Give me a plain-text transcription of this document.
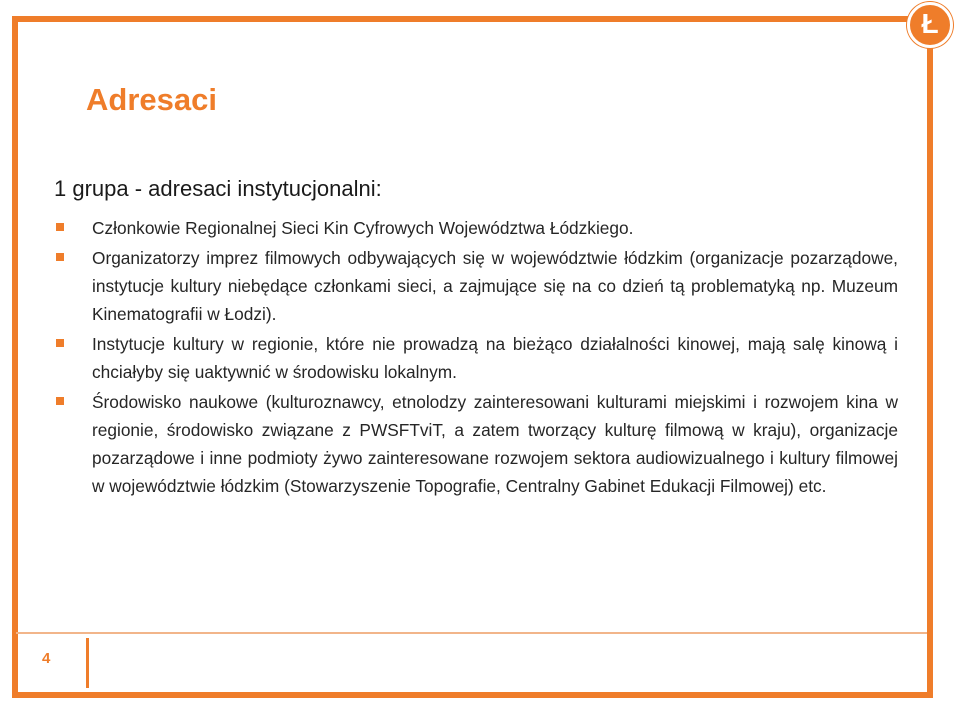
Ł
Adresaci
1 grupa - adresaci instytucjonalni:
Członkowie Regionalnej Sieci Kin Cyfrowych Województwa Łódzkiego.
Organizatorzy imprez filmowych odbywających się w województwie łódzkim (organizacje pozarządowe, instytucje kultury niebędące członkami sieci, a zajmujące się na co dzień tą problematyką np. Muzeum Kinematografii w Łodzi).
Instytucje kultury w regionie, które nie prowadzą na bieżąco działalności kinowej, mają salę kinową i chciałyby się uaktywnić w środowisku lokalnym.
Środowisko naukowe (kulturoznawcy, etnolodzy zainteresowani kulturami miejskimi i rozwojem kina w regionie, środowisko związane z PWSFTviT, a zatem tworzący kulturę filmową w kraju), organizacje pozarządowe i inne podmioty żywo zainteresowane rozwojem sektora audiowizualnego i kultury filmowej w województwie łódzkim (Stowarzyszenie Topografie, Centralny Gabinet Edukacji Filmowej) etc.
4
